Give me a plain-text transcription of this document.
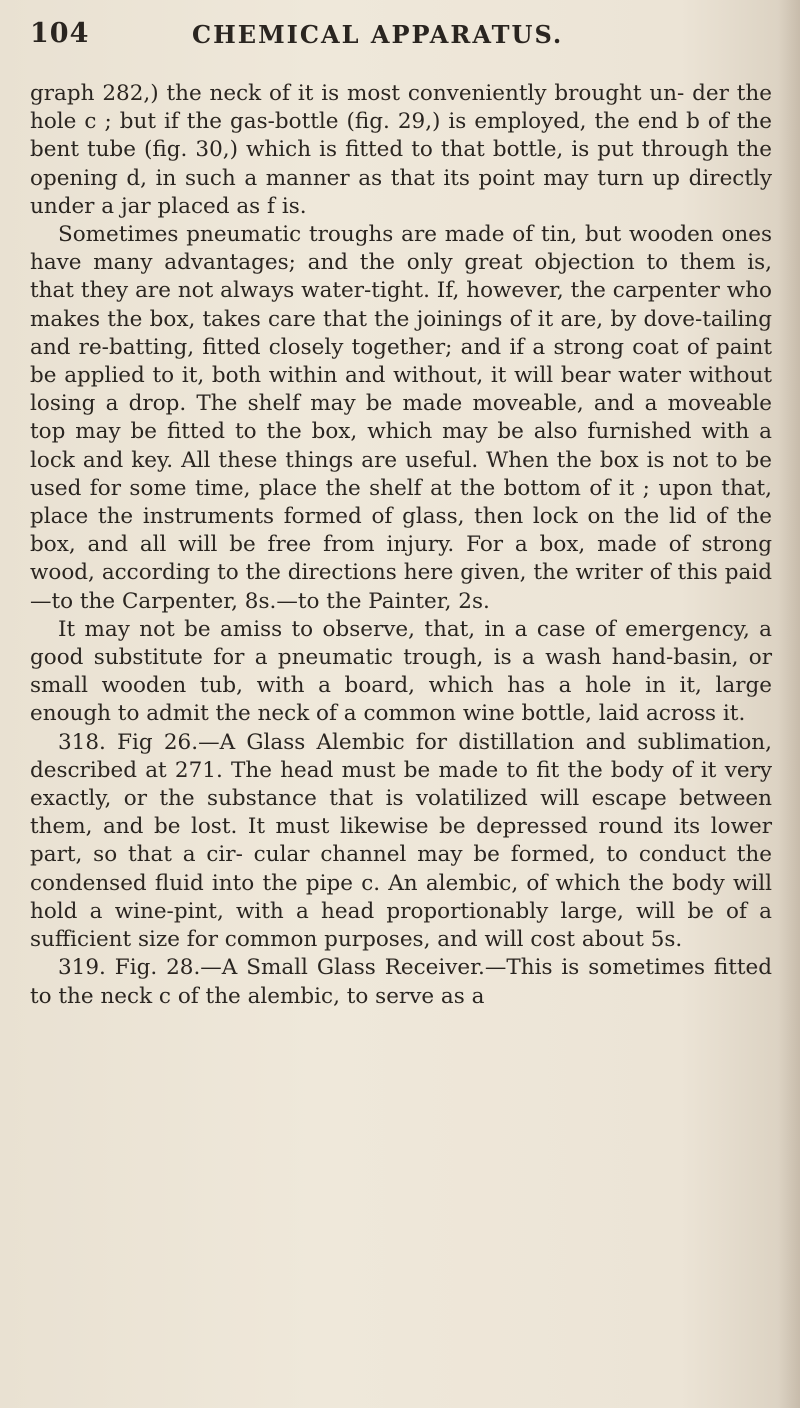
104	CHEMICAL APPARATUS.

graph 282,) the neck of it is most conveniently brought un- der the hole c ; but if the gas-bottle (fig. 29,) is employed, the end b of the bent tube (fig. 30,) which is fitted to that bottle, is put through the opening d, in such a manner as that its point may turn up directly under a jar placed as f is.

Sometimes pneumatic troughs are made of tin, but wooden ones have many advantages; and the only great objection to them is, that they are not always water-tight. If, however, the carpenter who makes the box, takes care that the joinings of it are, by dove-tailing and re-batting, fitted closely together; and if a strong coat of paint be applied to it, both within and without, it will bear water without losing a drop. The shelf may be made moveable, and a moveable top may be fitted to the box, which may be also furnished with a lock and key. All these things are useful. When the box is not to be used for some time, place the shelf at the bottom of it ; upon that, place the instruments formed of glass, then lock on the lid of the box, and all will be free from injury. For a box, made of strong wood, according to the directions here given, the writer of this paid—to the Carpenter, 8s.—to the Painter, 2s.

It may not be amiss to observe, that, in a case of emergency, a good substitute for a pneumatic trough, is a wash hand-basin, or small wooden tub, with a board, which has a hole in it, large enough to admit the neck of a common wine bottle, laid across it.

318. Fig 26.—A Glass Alembic for distillation and sublimation, described at 271. The head must be made to fit the body of it very exactly, or the substance that is volatilized will escape between them, and be lost. It must likewise be depressed round its lower part, so that a cir- cular channel may be formed, to conduct the condensed fluid into the pipe c. An alembic, of which the body will hold a wine-pint, with a head proportionably large, will be of a sufficient size for common purposes, and will cost about 5s.

319. Fig. 28.—A Small Glass Receiver.—This is sometimes fitted to the neck c of the alembic, to serve as a
